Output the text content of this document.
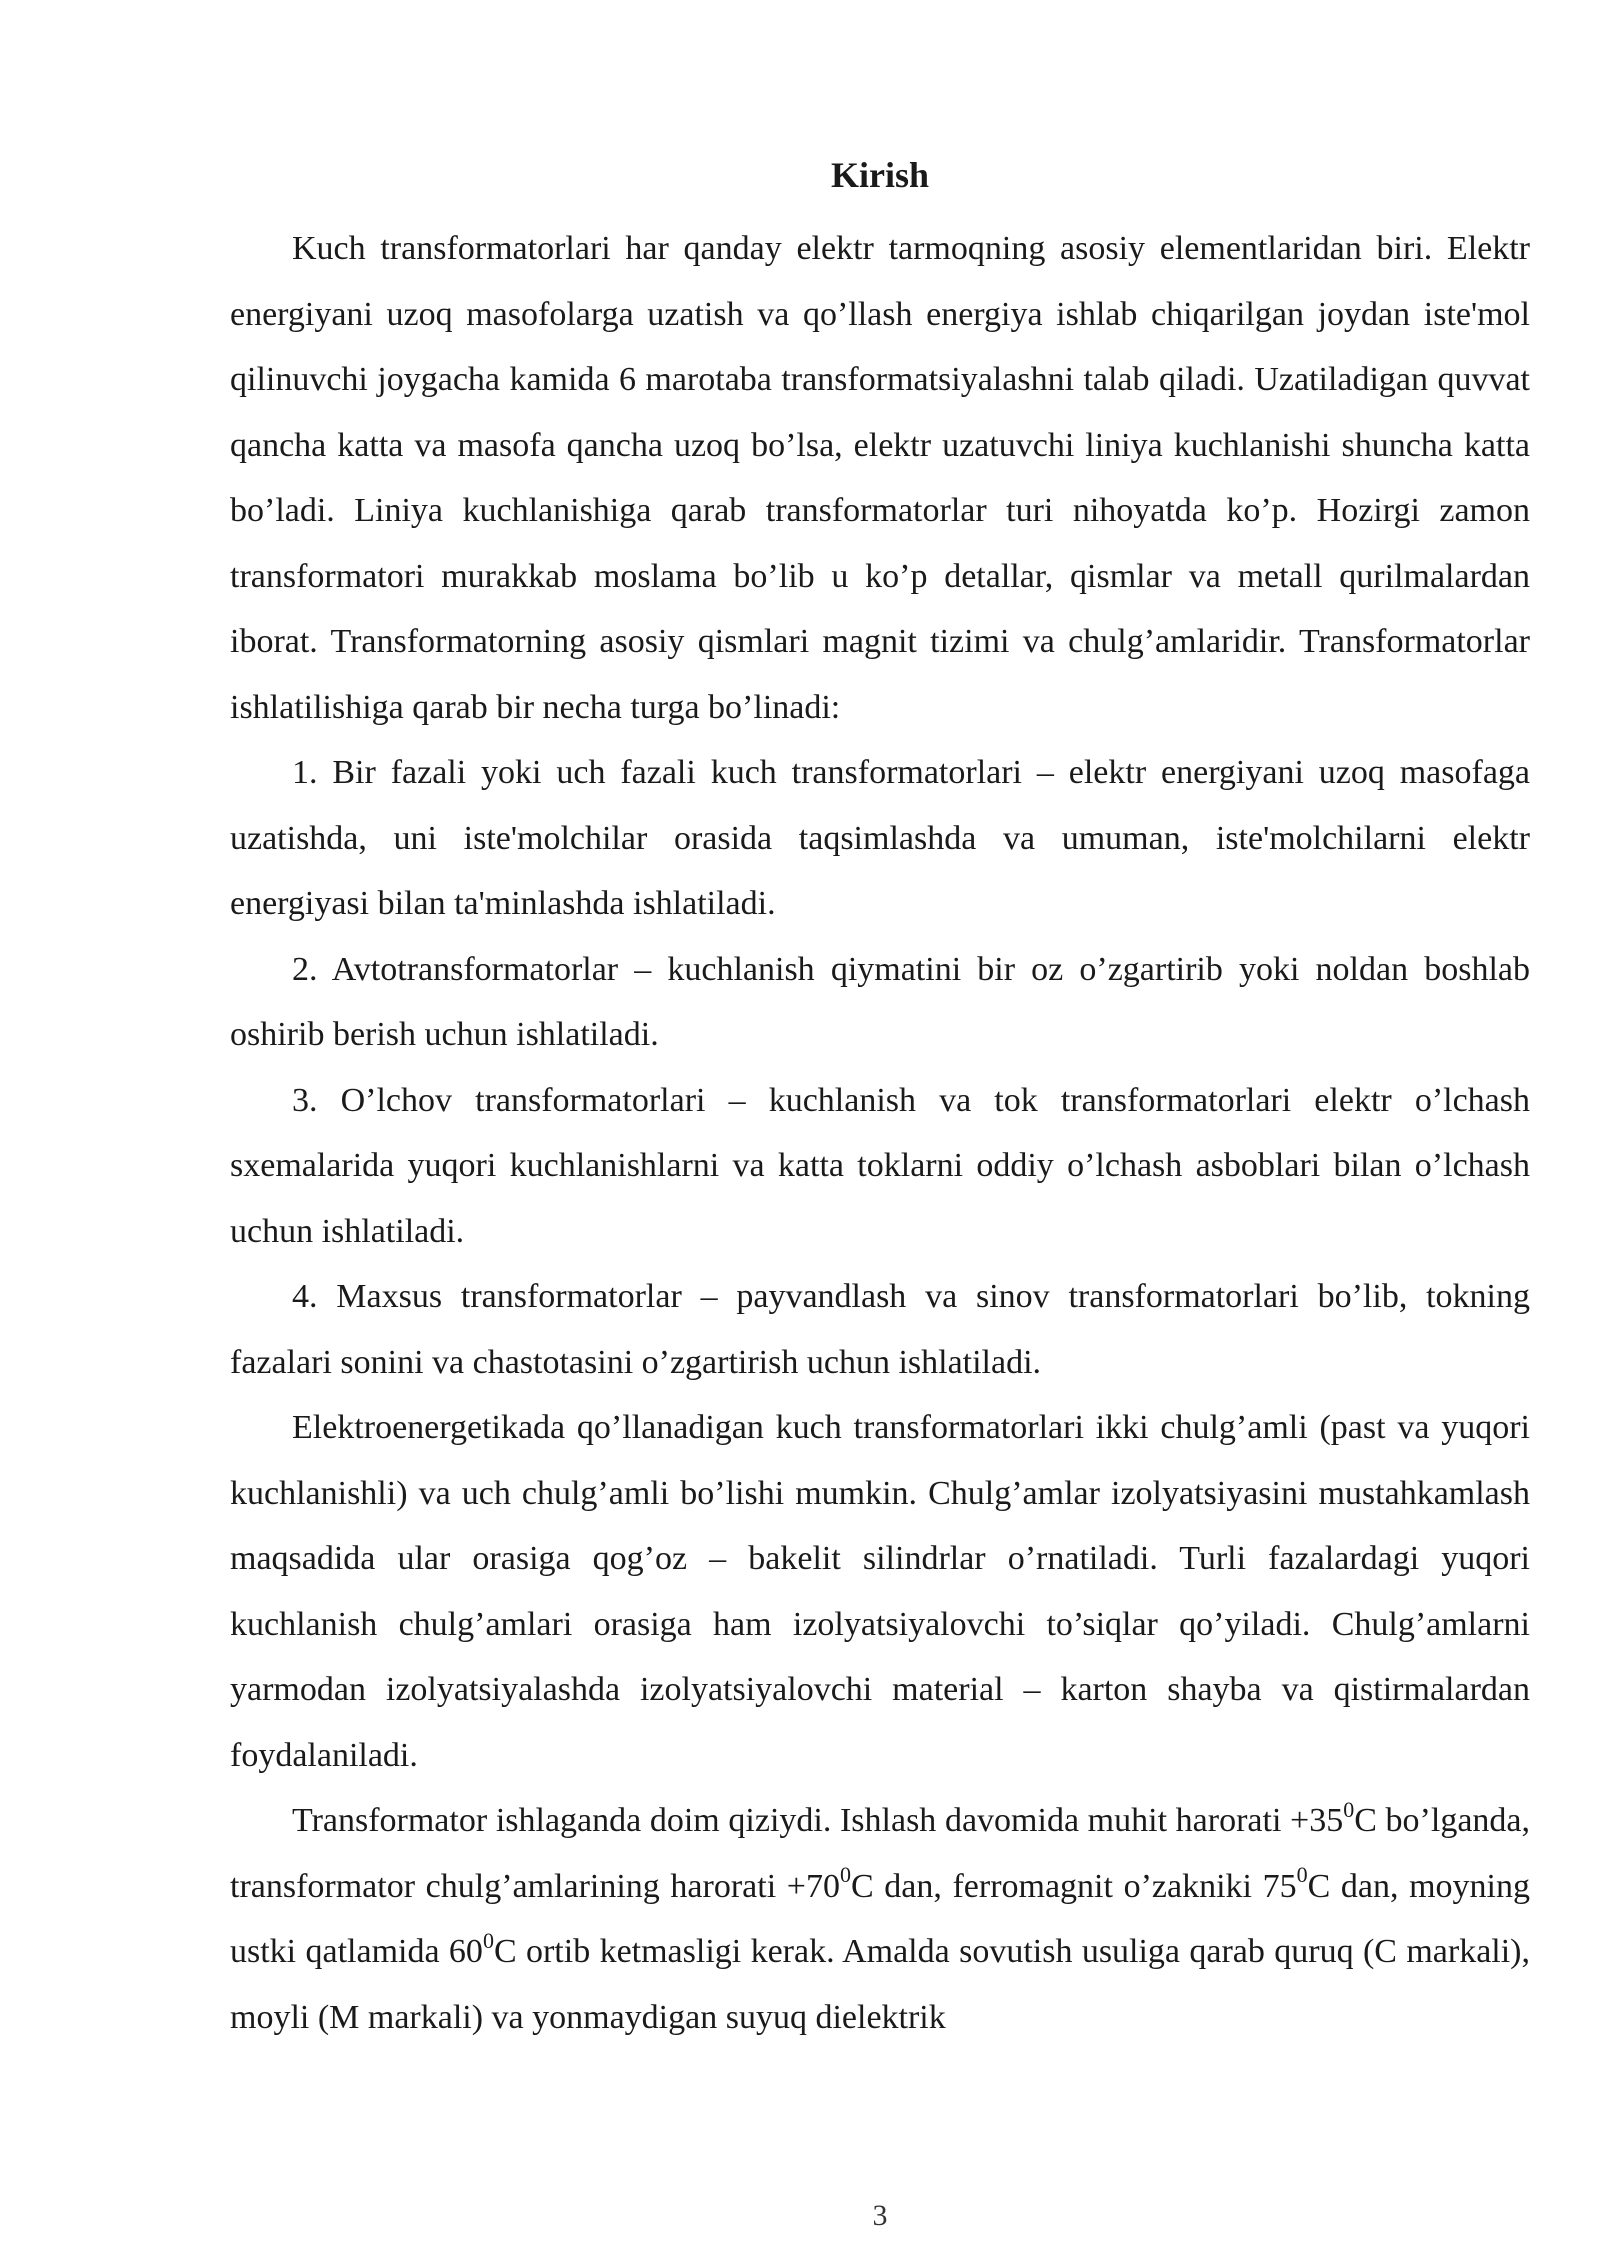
Kirish

Kuch transformatorlari har qanday elektr tarmoqning asosiy elementlaridan biri. Elektr energiyani uzoq masofolarga uzatish va qo’llash energiya ishlab chiqarilgan joydan iste'mol qilinuvchi joygacha kamida 6 marotaba transformatsiyalashni talab qiladi. Uzatiladigan quvvat qancha katta va masofa qancha uzoq bo’lsa, elektr uzatuvchi liniya kuchlanishi shuncha katta bo’ladi. Liniya kuchlanishiga qarab transformatorlar turi nihoyatda ko’p. Hozirgi zamon transformatori murakkab moslama bo’lib u ko’p detallar, qismlar va metall qurilmalardan iborat. Transformatorning asosiy qismlari magnit tizimi va chulg’amlaridir. Transformatorlar ishlatilishiga qarab bir necha turga bo’linadi:

1. Bir fazali yoki uch fazali kuch transformatorlari – elektr energiyani uzoq masofaga uzatishda, uni iste'molchilar orasida taqsimlashda va umuman, iste'molchilarni elektr energiyasi bilan ta'minlashda ishlatiladi.

2. Avtotransformatorlar – kuchlanish qiymatini bir oz o’zgartirib yoki noldan boshlab oshirib berish uchun ishlatiladi.

3. O’lchov transformatorlari – kuchlanish va tok transformatorlari elektr o’lchash sxemalarida yuqori kuchlanishlarni va katta toklarni oddiy o’lchash asboblari bilan o’lchash uchun ishlatiladi.

4. Maxsus transformatorlar – payvandlash va sinov transformatorlari bo’lib, tokning fazalari sonini va chastotasini o’zgartirish uchun ishlatiladi.

Elektroenergetikada qo’llanadigan kuch transformatorlari ikki chulg’amli (past va yuqori kuchlanishli) va uch chulg’amli bo’lishi mumkin. Chulg’amlar izolyatsiyasini mustahkamlash maqsadida ular orasiga qog’oz – bakelit silindrlar o’rnatiladi. Turli fazalardagi yuqori kuchlanish chulg’amlari orasiga ham izolyatsiyalovchi to’siqlar qo’yiladi. Chulg’amlarni yarmodan izolyatsiyalashda izolyatsiyalovchi material – karton shayba va qistirmalardan foydalaniladi.

Transformator ishlaganda doim qiziydi. Ishlash davomida muhit harorati $+35^0C$ bo’lganda, transformator chulg’amlarining harorati $+70^0C$ dan, ferromagnit o’zakniki $75^0C$ dan, moyning ustki qatlamida $60^0C$ ortib ketmasligi kerak. Amalda sovutish usuliga qarab quruq (C markali), moyli (M markali) va yonmaydigan suyuq dielektrik

3
